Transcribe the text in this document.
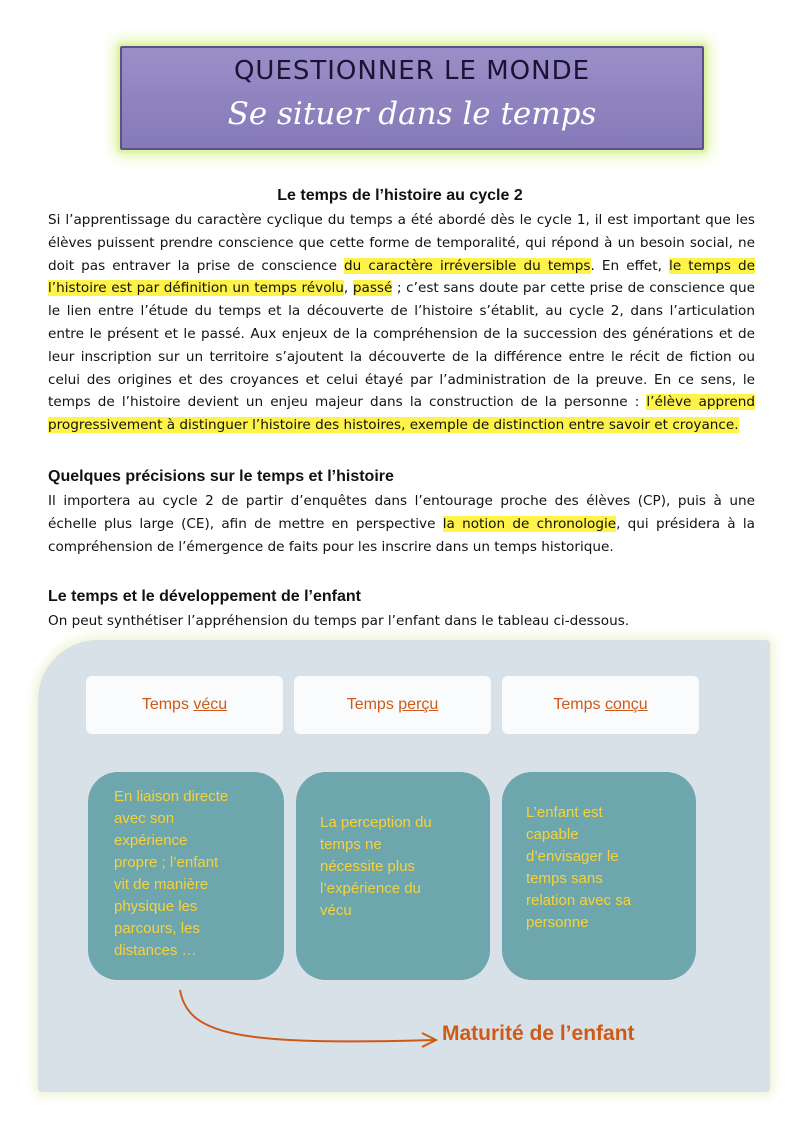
QUESTIONNER LE MONDE
Se situer dans le temps
Le temps de l’histoire au cycle 2
Si l’apprentissage du caractère cyclique du temps a été abordé dès le cycle 1, il est important que les élèves puissent prendre conscience que cette forme de temporalité, qui répond à un besoin social, ne doit pas entraver la prise de conscience du caractère irréversible du temps. En effet, le temps de l’histoire est par définition un temps révolu, passé ; c’est sans doute par cette prise de conscience que le lien entre l’étude du temps et la découverte de l’histoire s’établit, au cycle 2, dans l’articulation entre le présent et le passé. Aux enjeux de la compréhension de la succession des générations et de leur inscription sur un territoire s’ajoutent la découverte de la différence entre le récit de fiction ou celui des origines et des croyances et celui étayé par l’administration de la preuve. En ce sens, le temps de l’histoire devient un enjeu majeur dans la construction de la personne : l’élève apprend progressivement à distinguer l’histoire des histoires, exemple de distinction entre savoir et croyance.
Quelques précisions sur le temps et l’histoire
Il importera au cycle 2 de partir d’enquêtes dans l’entourage proche des élèves (CP), puis à une échelle plus large (CE), afin de mettre en perspective la notion de chronologie, qui présidera à la compréhension de l’émergence de faits pour les inscrire dans un temps historique.
Le temps et le développement de l’enfant
On peut synthétiser l’appréhension du temps par l’enfant dans le tableau ci-dessous.
Temps vécu	Temps perçu	Temps conçu

En liaison directe

avec son

expérience

propre ; l’enfant

vit de manière

physique les

parcours, les

distances …

La perception du

temps ne

nécessite plus

l’expérience du

vécu

L’enfant est

capable

d’envisager le

temps sans

relation avec sa

personne

Maturité de l’enfant
